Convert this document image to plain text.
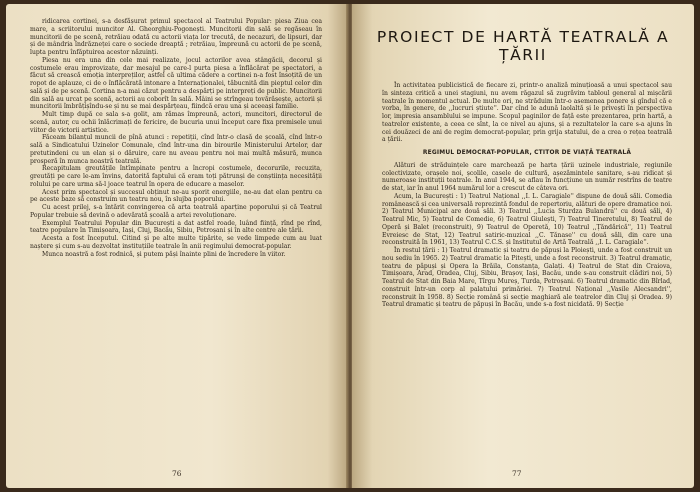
ridicarea cortinei, s-a desfășurat primul spectacol al Teatrului Popular: piesa Ziua cea mare, a scriitorului muncitor Al. Gheorghiu-Pogonești. Muncitorii din sală se regăseau în muncitorii de pe scenă, retrăiau odată cu actorii viața lor trecută, de necazuri, de lipsuri, dar și de mândria îndrăzneței care o sociede dreaptă ; retrăiau, împreună cu actorii de pe scenă, lupta pentru înfăptuirea acestor năzuinți.

Piesa nu era una din cele mai realizate, jocul actorilor avea stângăcii, decorul și costumele erau improvizate, dar mesajul pe care-l purta piesa a înflăcărat pe spectatori, a făcut să crească emoția interpreților, astfel că ultima cădere a cortinei n-a fost însoțită de un ropot de aplauze, ci de o înflăcărată intonare a Internaționalei, tăbucnită din pieptul celor din sală și de pe scenă. Cortina n-a mai căzut pentru a despărți pe interpreți de public. Muncitorii din sală au urcat pe scenă, actorii au coborît în sală. Mâini se strîngeau tovărășește, actorii și muncitorii îmbrățișîndu-se și nu se mai despărțeau, fiindcă erau una și aceeași familie.

Mult timp după ce sala s-a golit, am rămas împreună, actori, muncitori, directorul de scenă, autor, cu ochii înlăcrimați de fericire, de bucuria unui început care fixa premisele unui viitor de victorii artistice.

Făceam bilanțul muncii de pînă atunci : repetiții, cînd într-o clasă de școală, cînd într-o sală a Sindicatului Uzinelor Comunale, cînd într-una din birourile Ministerului Artelor, dar pretutindeni cu un elan și o dăruire, care nu aveau pentru noi mai multă măsură, munca prosperă în munca noastră teatrală.

Recapitulam greutățile întîmpinate pentru a încropi costumele, decorurile, recuzita, greutăți pe care le-am învins, datorită faptului că eram toți pătrunși de conștiința necesității rolului pe care urma să-l joace teatrul în opera de educare a maselor.

Acest prim spectacol și succesul obținut ne-au sporit energiile, ne-au dat elan pentru ca pe aceste baze să construim un teatru nou, în slujba poporului.

Cu acest prilej, s-a întărit convingerea că arta teatrală aparține poporului și că Teatrul Popular trebuie să devină o adevărată școală a artei revoluționare.

Exemplul Teatrului Popular din București a dat astfel roade, luând ființă, rînd pe rînd, teatre populare în Timișoara, Iași, Cluj, Bacău, Sibiu, Petroșani și în alte centre ale țării.

Acesta a fost începutul. Citind și pe alte multe tipărite, se vede limpede cum au luat naștere și cum s-au dezvoltat instituțiile teatrale în anii regimului democrat-popular.

Munca noastră a fost rodnică, și putem păși înainte plini de încredere în viitor.

76
PROIECT DE HARTĂ TEATRALĂ A ȚĂRII

În activitatea publicistică de fiecare zi, printr-o analiză minuțioasă a unui spectacol sau în sinteza critică a unei stagiuni, nu avem răgazul să zugrăvim tabloul general al mișcării teatrale în momentul actual. De multe ori, ne străduim într-o asemenea ponere și gîndul că e vorba, în genere, de ,,lucruri știute''. Dar cînd le adună laolaltă și le privești în perspectiva lor, impresia ansamblului se impune. Scopul paginilor de față este prezentarea, prin hartă, a teatrelor existente, a ceea ce sînt, la ce nivel au ajuns, și a rezultatelor la care s-a ajuns în cei douăzeci de ani de regim democrat-popular, prin grija statului, de a crea o rețea teatrală a țării.

REGIMUL DEMOCRAT-POPULAR, CTITOR DE VIAȚĂ TEATRALĂ

Alături de străduințele care marchează pe harta țării uzinele industriale, regiunile colectivizate, orașele noi, școlile, casele de cultură, așezămintele sanitare, s-au ridicat și numeroase instituții teatrale. În anul 1944, se aflau în funcțiune un număr restrîns de teatre de stat, iar în anul 1964 numărul lor a crescut de câteva ori.

Acum, la București : 1) Teatrul Național ,,I. L. Caragiale'' dispune de două săli. Comedia românească și cea universală reprezintă fondul de repertoriu, alături de opere dramatice noi. 2) Teatrul Municipal are două săli. 3) Teatrul ,,Lucia Sturdza Bulandra'' cu două săli, 4) Teatrul Mic, 5) Teatrul de Comedie, 6) Teatrul Giulești, 7) Teatrul Tineretului, 8) Teatrul de Operă și Balet (reconstruit), 9) Teatrul de Operetă, 10) Teatrul ,,Țăndărică'', 11) Teatrul Evreiesc de Stat, 12) Teatrul satiric-muzical ,,C. Tănase'' cu două săli, din care una reconstruită în 1961, 13) Teatrul C.C.S. și Institutul de Artă Teatrală ,,I. L. Caragiale''.

În restul țării : 1) Teatrul dramatic și teatru de păpuși la Ploiești, unde a fost construit un nou sediu în 1965. 2) Teatrul dramatic la Pitești, unde a fost reconstruit. 3) Teatrul dramatic, teatru de păpuși și Opera la Brăila, Constanța, Galați. 4) Teatrul de Stat din Craiova, Timișoara, Arad, Oradea, Cluj, Sibiu, Brașov, Iași, Bacău, unde s-au construit clădiri noi, 5) Teatrul de Stat din Baia Mare, Tîrgu Mureș, Turda, Petroșani. 6) Teatrul dramatic din Bîrlad, construit într-un corp al palatului primăriei. 7) Teatrul Național ,,Vasile Alecsandri'', reconstruit în 1958. 8) Secție română și secție maghiară ale teatrelor din Cluj și Oradea. 9) Teatrul dramatic și teatru de păpuși în Bacău, unde s-a fost nicidată. 9) Secție

77
